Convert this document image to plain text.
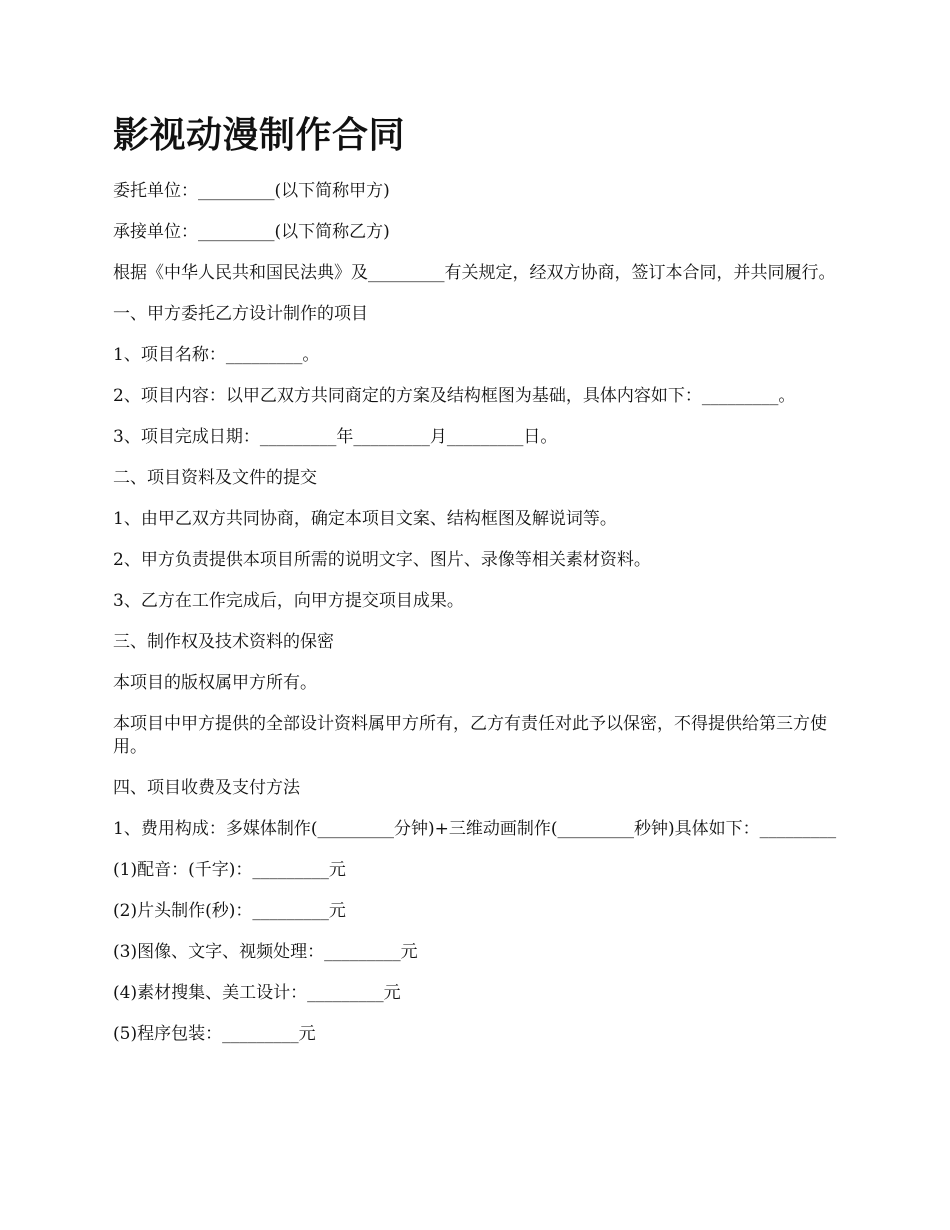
影视动漫制作合同

委托单位：_________(以下简称甲方)

承接单位：_________(以下简称乙方)

根据《中华人民共和国民法典》及_________有关规定，经双方协商，签订本合同，并共同履行。

一、甲方委托乙方设计制作的项目

1、项目名称：_________。

2、项目内容：以甲乙双方共同商定的方案及结构框图为基础，具体内容如下：_________。

3、项目完成日期：_________年_________月_________日。

二、项目资料及文件的提交

1、由甲乙双方共同协商，确定本项目文案、结构框图及解说词等。

2、甲方负责提供本项目所需的说明文字、图片、录像等相关素材资料。

3、乙方在工作完成后，向甲方提交项目成果。

三、制作权及技术资料的保密

本项目的版权属甲方所有。

本项目中甲方提供的全部设计资料属甲方所有，乙方有责任对此予以保密，不得提供给第三方使用。

四、项目收费及支付方法

1、费用构成：多媒体制作(_________分钟)+三维动画制作(_________秒钟)具体如下：_________

(1)配音：(千字)：_________元

(2)片头制作(秒)：_________元

(3)图像、文字、视频处理：_________元

(4)素材搜集、美工设计：_________元

(5)程序包装：_________元
